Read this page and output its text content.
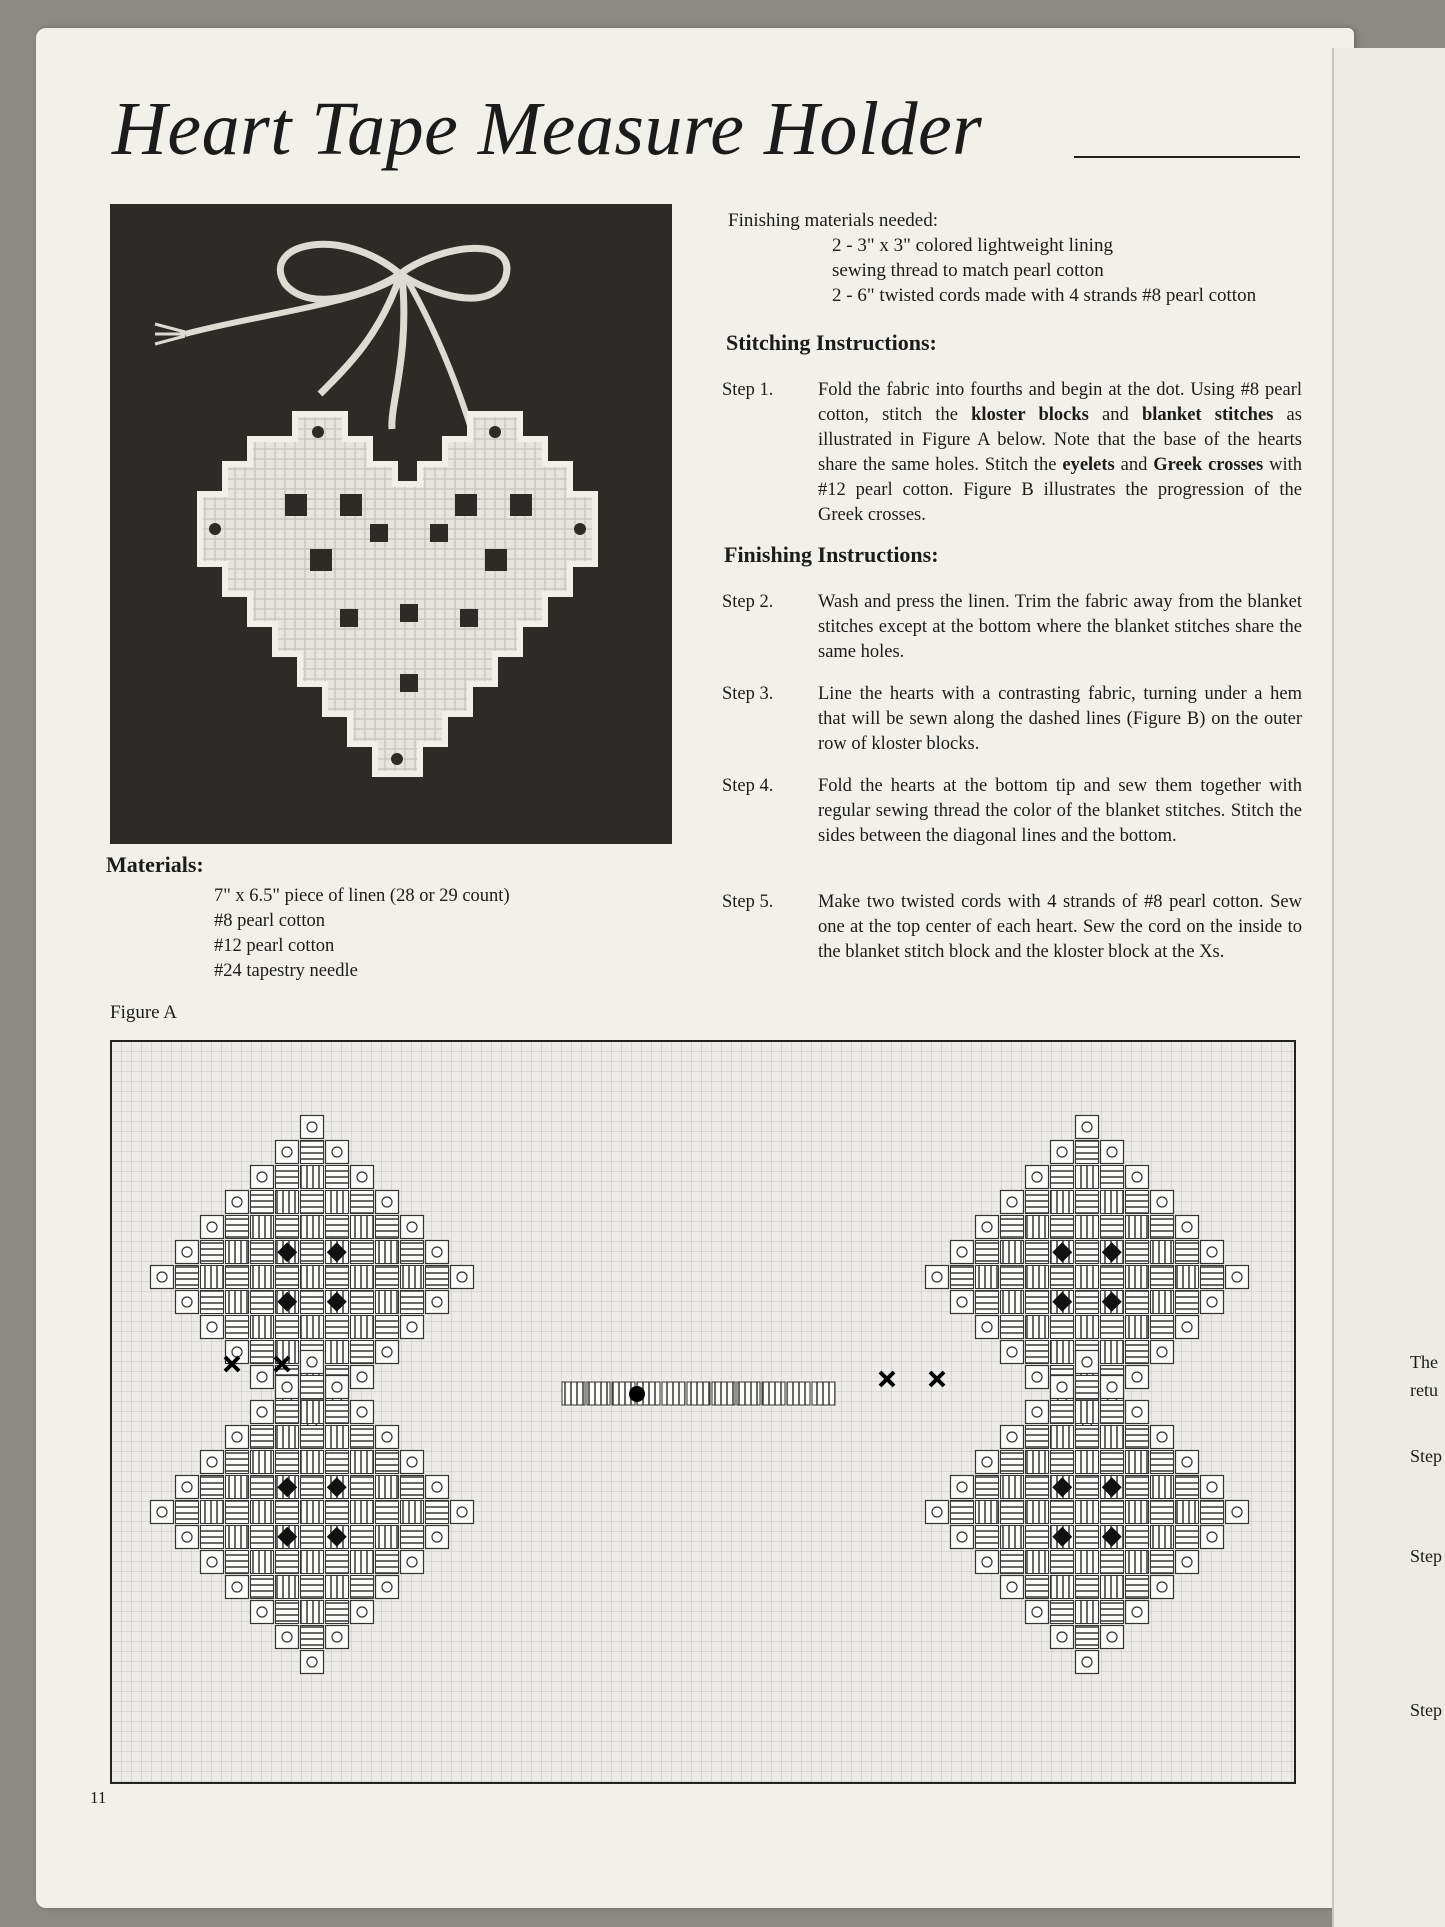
Heart Tape Measure Holder
Finishing materials needed:
2 - 3" x 3" colored lightweight lining
sewing thread to match pearl cotton
2 - 6" twisted cords made with 4 strands #8 pearl cotton
Stitching Instructions:
Step 1. Fold the fabric into fourths and begin at the dot. Using #8 pearl cotton, stitch the kloster blocks and blanket stitches as illustrated in Figure A below. Note that the base of the hearts share the same holes. Stitch the eyelets and Greek crosses with #12 pearl cotton. Figure B illustrates the progression of the Greek crosses.
Finishing Instructions:
Step 2. Wash and press the linen. Trim the fabric away from the blanket stitches except at the bottom where the blanket stitches share the same holes.
Step 3. Line the hearts with a contrasting fabric, turning under a hem that will be sewn along the dashed lines (Figure B) on the outer row of kloster blocks.
Step 4. Fold the hearts at the bottom tip and sew them together with regular sewing thread the color of the blanket stitches. Stitch the sides between the diagonal lines and the bottom.
Step 5. Make two twisted cords with 4 strands of #8 pearl cotton. Sew one at the top center of each heart. Sew the cord on the inside to the blanket stitch block and the kloster block at the Xs.
Materials:
7" x 6.5" piece of linen (28 or 29 count)
#8 pearl cotton
#12 pearl cotton
#24 tapestry needle
Figure A
11
The
retu
Step
Step
Step
